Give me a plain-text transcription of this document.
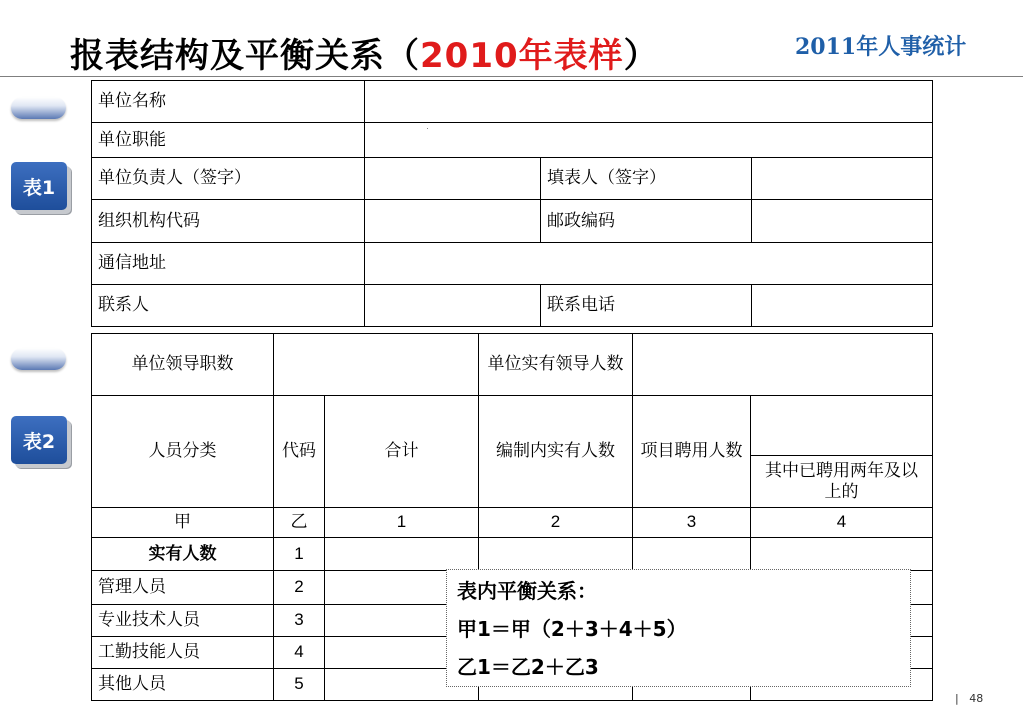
报表结构及平衡关系（2010年表样）	2011年人事统计
表1
表2
单位名称			
单位职能			
单位负责人（签字）		填表人（签字）	
组织机构代码		邮政编码	
通信地址			
联系人		联系电话	
单位领导职数			单位实有领导人数		
人员分类	代码	合计	编制内实有人数	项目聘用人数	
					其中已聘用两年及以上的
甲	乙	1	2	3	4
实有人数	1				
管理人员	2				
专业技术人员	3				
工勤技能人员	4				
其他人员	5				
表内平衡关系：
甲1＝甲（2＋3＋4＋5）
乙1＝乙2＋乙3
| 48
